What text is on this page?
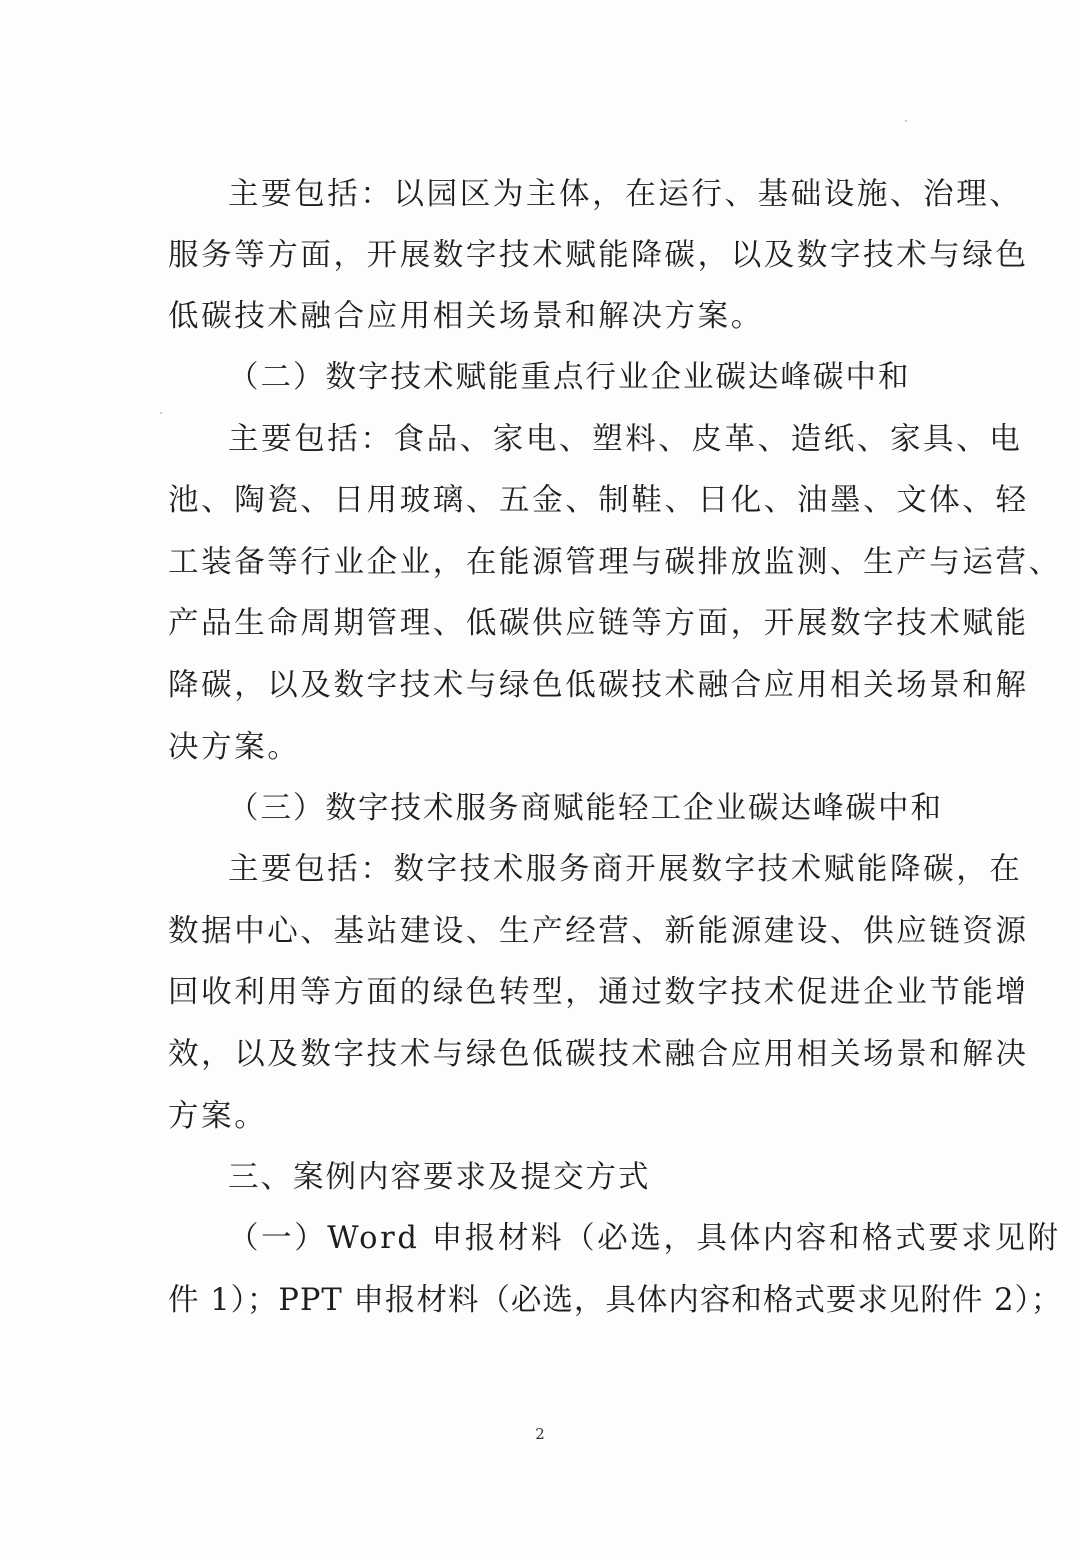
主要包括：以园区为主体，在运行、基础设施、治理、
服务等方面，开展数字技术赋能降碳，以及数字技术与绿色
低碳技术融合应用相关场景和解决方案。
（二）数字技术赋能重点行业企业碳达峰碳中和
主要包括：食品、家电、塑料、皮革、造纸、家具、电
池、陶瓷、日用玻璃、五金、制鞋、日化、油墨、文体、轻
工装备等行业企业，在能源管理与碳排放监测、生产与运营、
产品生命周期管理、低碳供应链等方面，开展数字技术赋能
降碳，以及数字技术与绿色低碳技术融合应用相关场景和解
决方案。
（三）数字技术服务商赋能轻工企业碳达峰碳中和
主要包括：数字技术服务商开展数字技术赋能降碳，在
数据中心、基站建设、生产经营、新能源建设、供应链资源
回收利用等方面的绿色转型，通过数字技术促进企业节能增
效，以及数字技术与绿色低碳技术融合应用相关场景和解决
方案。
三、案例内容要求及提交方式
（一）Word 申报材料（必选，具体内容和格式要求见附
件 1）；PPT 申报材料（必选，具体内容和格式要求见附件 2）；
2
